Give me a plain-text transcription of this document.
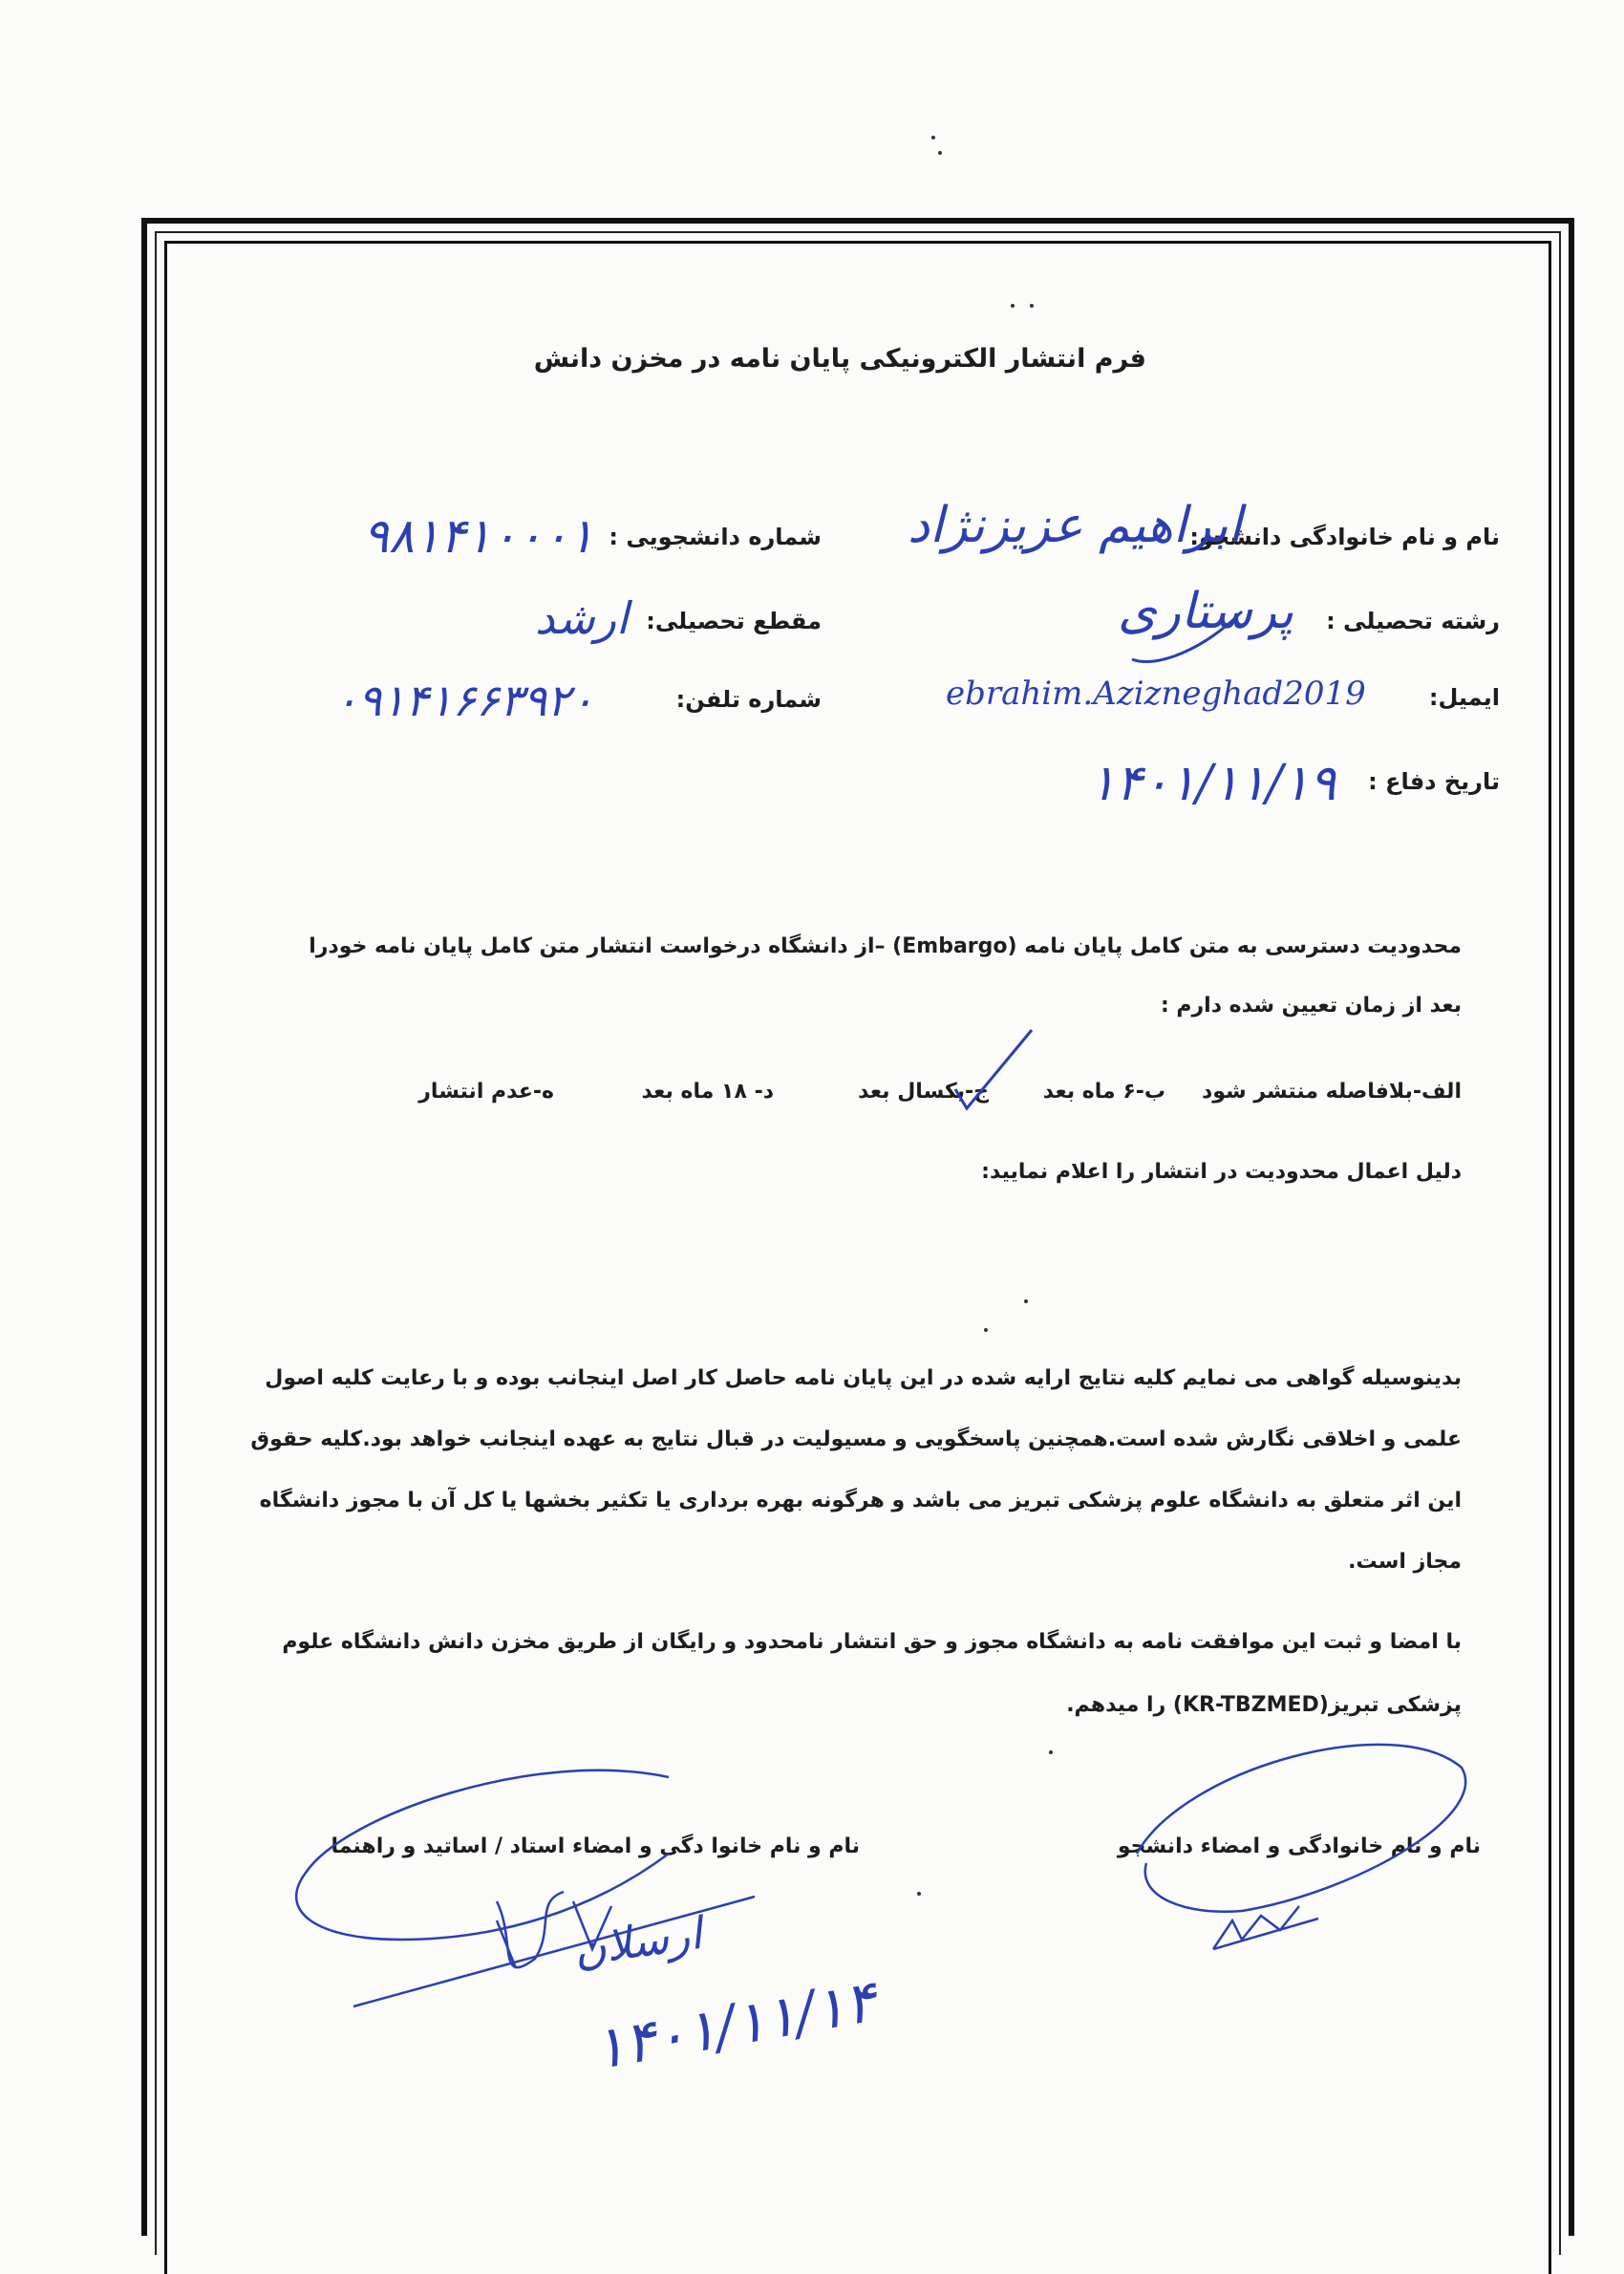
فرم انتشار الکترونیکی پایان نامه در مخزن دانش
نام و نام خانوادگی دانشجو:
ابراهیم عزیزنژاد
شماره دانشجویی :
۹۸۱۴۱۰۰۰۱
رشته تحصیلی :
پرستاری
مقطع تحصیلی:
ارشد
ایمیل:
ebrahim.Azizneghad2019
شماره تلفن:
۰۹۱۴۱۶۶۳۹۲۰
تاریخ دفاع :
۱۴۰۱/۱۱/۱۹
محدودیت دسترسی به متن کامل پایان نامه (Embargo) –از دانشگاه درخواست انتشار متن کامل پایان نامه خودرا
بعد از زمان تعیین شده دارم :
الف-بلافاصله منتشر شود
ب-۶ ماه بعد
ج-یکسال بعد
د- ۱۸ ماه بعد
ه-عدم انتشار
دلیل اعمال محدودیت در انتشار را اعلام نمایید:
بدینوسیله گواهی می نمایم کلیه نتایج ارایه شده در این پایان نامه حاصل کار اصل اینجانب بوده و با رعایت کلیه اصول
علمی و اخلاقی نگارش شده است.همچنین پاسخگویی و مسیولیت در قبال نتایج به عهده اینجانب خواهد بود.کلیه حقوق
این اثر متعلق به دانشگاه علوم پزشکی تبریز می باشد و هرگونه بهره برداری یا تکثیر بخشها یا کل آن با مجوز دانشگاه
مجاز است.
با امضا و ثبت این موافقت نامه به دانشگاه مجوز و حق انتشار نامحدود و رایگان از طریق مخزن دانش دانشگاه علوم
پزشکی تبریز(KR-TBZMED) را میدهم.
نام و نام خانوادگی و امضاء دانشجو
نام و نام خانوا دگی و امضاء استاد / اساتید و راهنما
ارسلان
۱۴۰۱/۱۱/۱۴
